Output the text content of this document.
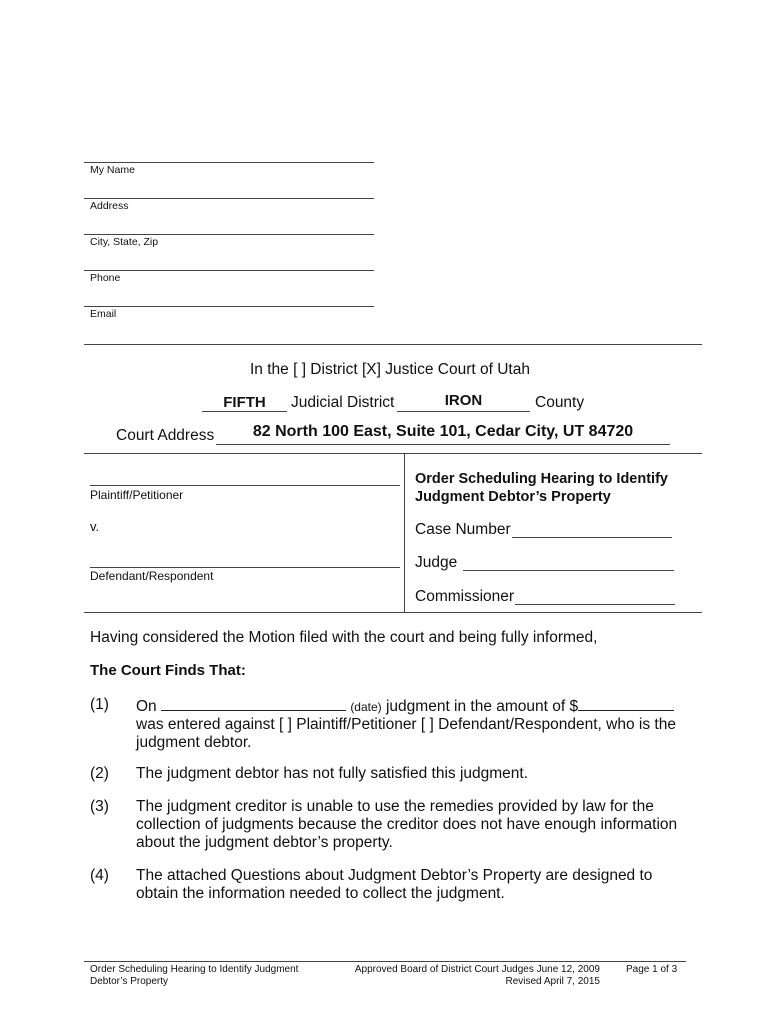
My Name
Address
City, State, Zip
Phone
Email
In the [ ] District [X] Justice Court of Utah
FIFTH	Judicial District	IRON	County
Court Address	82 North 100 East, Suite 101, Cedar City, UT 84720
Plaintiff/Petitioner
v.
Defendant/Respondent
Order Scheduling Hearing to Identify
Judgment Debtor’s Property
Case Number
Judge
Commissioner
Having considered the Motion filed with the court and being fully informed,
The Court Finds That:
(1) On	(date) judgment in the amount of $
was entered against [ ] Plaintiff/Petitioner [ ] Defendant/Respondent, who is the
judgment debtor.
(2) The judgment debtor has not fully satisfied this judgment.
(3) The judgment creditor is unable to use the remedies provided by law for the
collection of judgments because the creditor does not have enough information
about the judgment debtor’s property.
(4) The attached Questions about Judgment Debtor’s Property are designed to
obtain the information needed to collect the judgment.
Order Scheduling Hearing to Identify Judgment
Debtor’s Property
Approved Board of District Court Judges June 12, 2009
Revised April 7, 2015
Page 1 of 3
